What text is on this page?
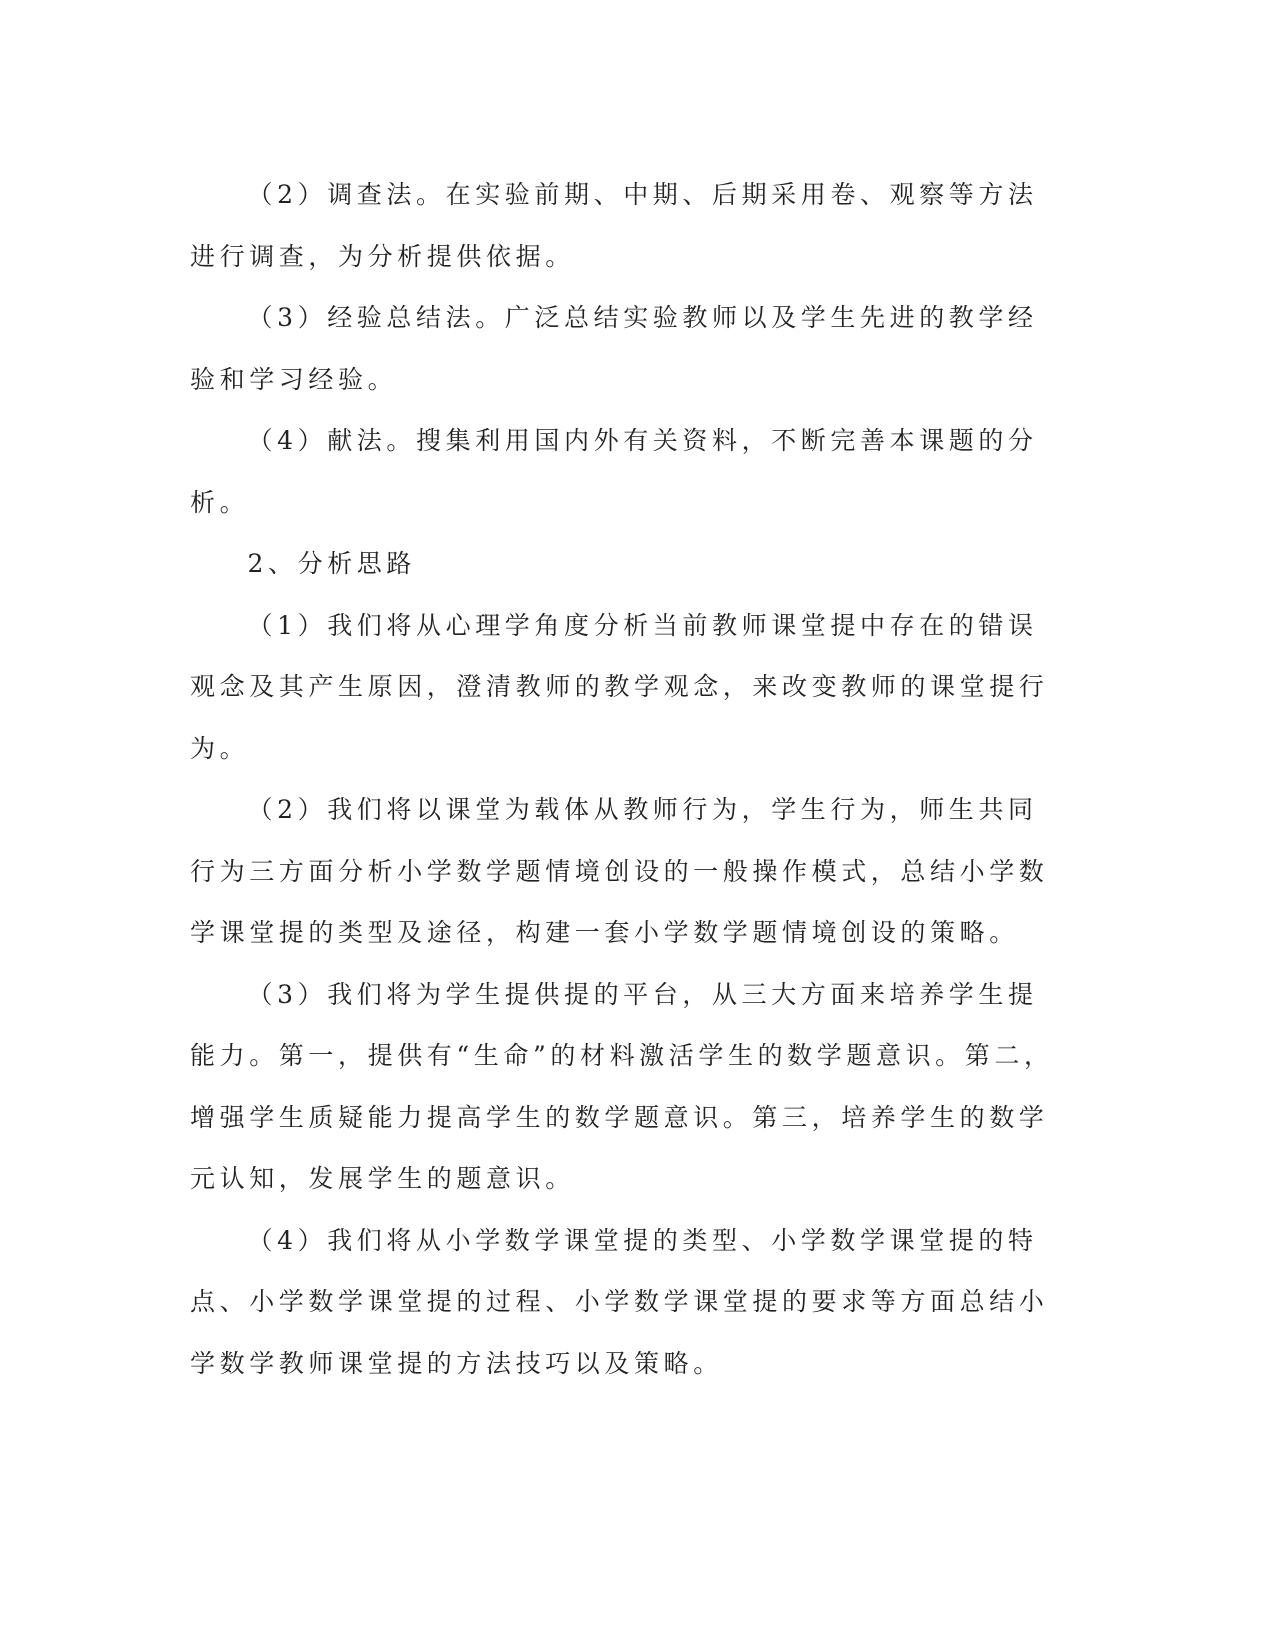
（2）调查法。在实验前期、中期、后期采用卷、观察等方法进行调查，为分析提供依据。

（3）经验总结法。广泛总结实验教师以及学生先进的教学经验和学习经验。

（4）献法。搜集利用国内外有关资料，不断完善本课题的分析。

2、分析思路

（1）我们将从心理学角度分析当前教师课堂提中存在的错误观念及其产生原因，澄清教师的教学观念，来改变教师的课堂提行为。

（2）我们将以课堂为载体从教师行为，学生行为，师生共同行为三方面分析小学数学题情境创设的一般操作模式，总结小学数学课堂提的类型及途径，构建一套小学数学题情境创设的策略。

（3）我们将为学生提供提的平台，从三大方面来培养学生提能力。第一，提供有“生命”的材料激活学生的数学题意识。第二，增强学生质疑能力提高学生的数学题意识。第三，培养学生的数学元认知，发展学生的题意识。

（4）我们将从小学数学课堂提的类型、小学数学课堂提的特点、小学数学课堂提的过程、小学数学课堂提的要求等方面总结小学数学教师课堂提的方法技巧以及策略。
